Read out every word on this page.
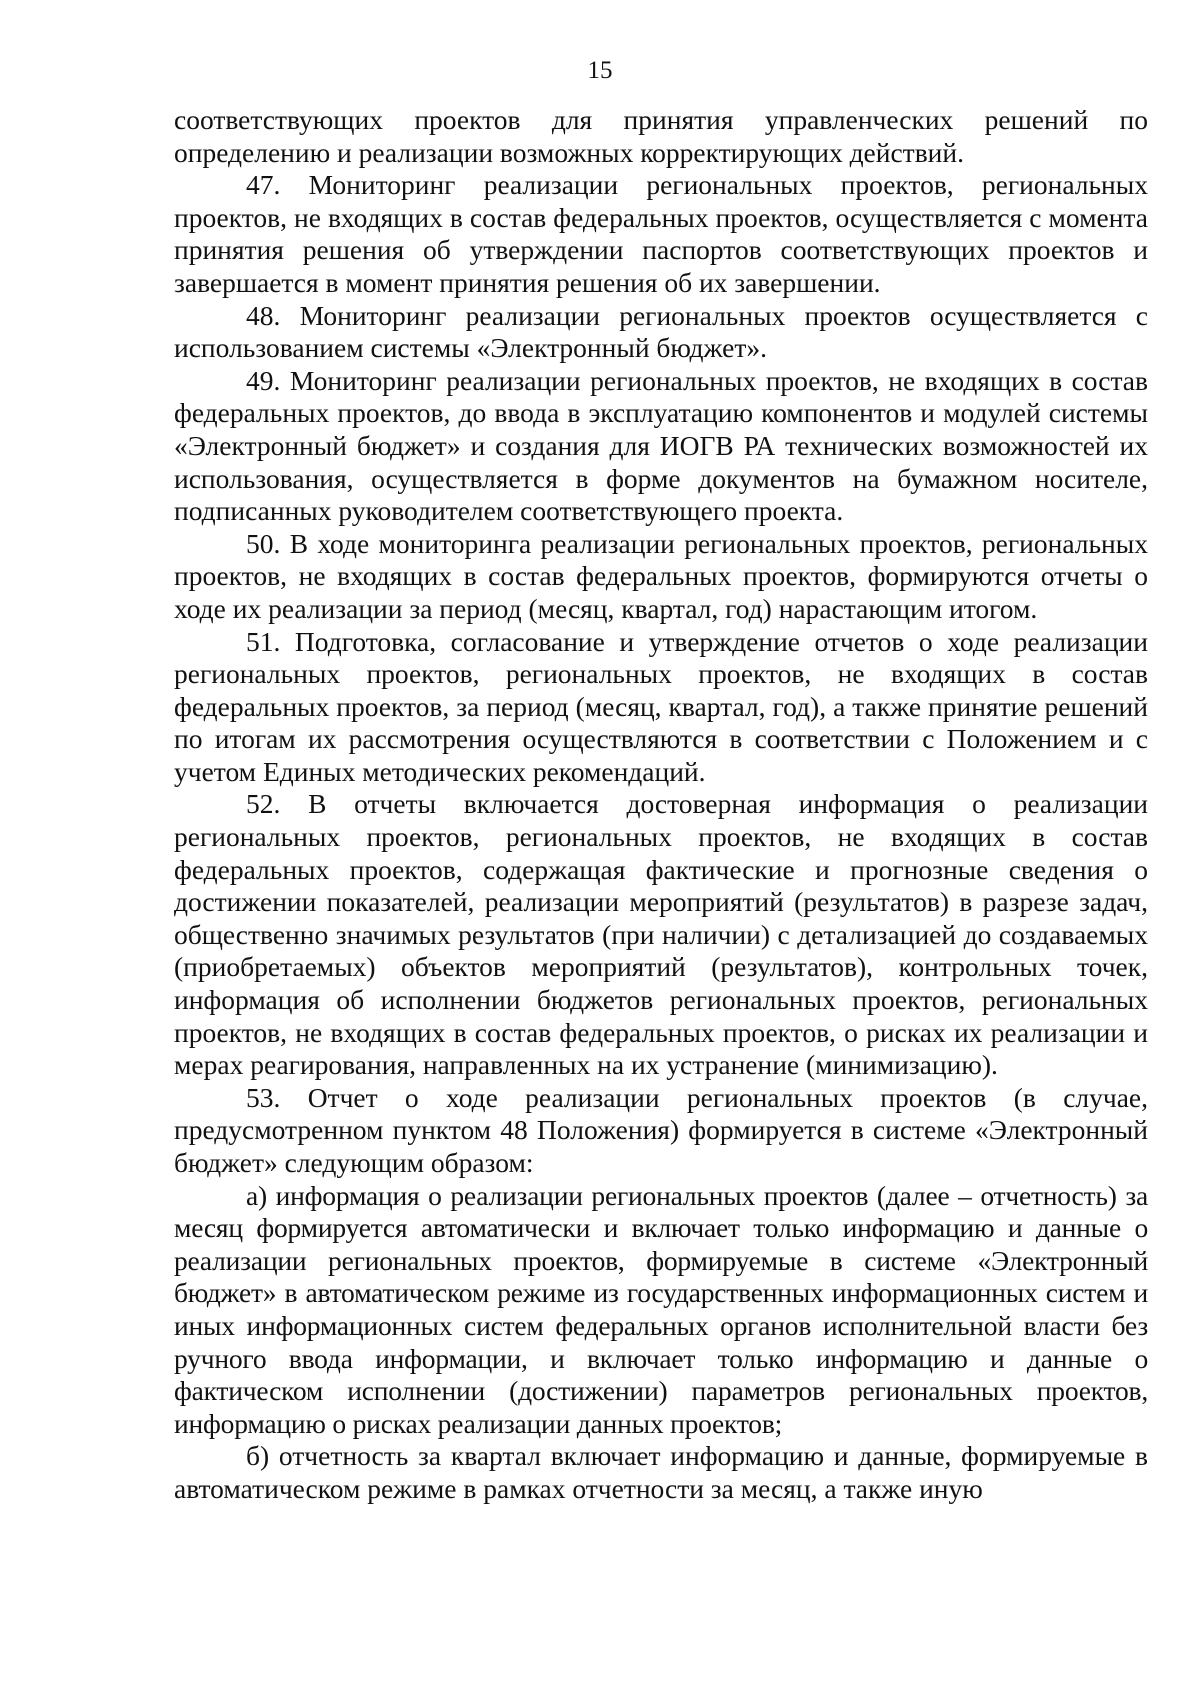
15

соответствующих проектов для принятия управленческих решений по определению и реализации возможных корректирующих действий.

47. Мониторинг реализации региональных проектов, региональных проектов, не входящих в состав федеральных проектов, осуществляется с момента принятия решения об утверждении паспортов соответствующих проектов и завершается в момент принятия решения об их завершении.

48. Мониторинг реализации региональных проектов осуществляется с использованием системы «Электронный бюджет».

49. Мониторинг реализации региональных проектов, не входящих в состав федеральных проектов, до ввода в эксплуатацию компонентов и модулей системы «Электронный бюджет» и создания для ИОГВ РА технических возможностей их использования, осуществляется в форме документов на бумажном носителе, подписанных руководителем соответствующего проекта.

50. В ходе мониторинга реализации региональных проектов, региональных проектов, не входящих в состав федеральных проектов, формируются отчеты о ходе их реализации за период (месяц, квартал, год) нарастающим итогом.

51. Подготовка, согласование и утверждение отчетов о ходе реализации региональных проектов, региональных проектов, не входящих в состав федеральных проектов, за период (месяц, квартал, год), а также принятие решений по итогам их рассмотрения осуществляются в соответствии с Положением и с учетом Единых методических рекомендаций.

52. В отчеты включается достоверная информация о реализации региональных проектов, региональных проектов, не входящих в состав федеральных проектов, содержащая фактические и прогнозные сведения о достижении показателей, реализации мероприятий (результатов) в разрезе задач, общественно значимых результатов (при наличии) с детализацией до создаваемых (приобретаемых) объектов мероприятий (результатов), контрольных точек, информация об исполнении бюджетов региональных проектов, региональных проектов, не входящих в состав федеральных проектов, о рисках их реализации и мерах реагирования, направленных на их устранение (минимизацию).

53. Отчет о ходе реализации региональных проектов (в случае, предусмотренном пунктом 48 Положения) формируется в системе «Электронный бюджет» следующим образом:

а) информация о реализации региональных проектов (далее – отчетность) за месяц формируется автоматически и включает только информацию и данные о реализации региональных проектов, формируемые в системе «Электронный бюджет» в автоматическом режиме из государственных информационных систем и иных информационных систем федеральных органов исполнительной власти без ручного ввода информации, и включает только информацию и данные о фактическом исполнении (достижении) параметров региональных проектов, информацию о рисках реализации данных проектов;

б) отчетность за квартал включает информацию и данные, формируемые в автоматическом режиме в рамках отчетности за месяц, а также иную
